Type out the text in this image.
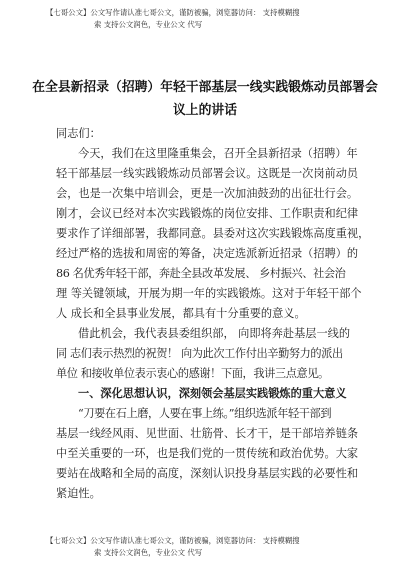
【七哥公文】公文写作请认准七哥公文，谨防被骗，浏览器访问： 支持模糊搜
索 支持公文润色，专业公文 代写
在全县新招录（招聘）年轻干部基层一线实践锻炼动员部署会
议上的讲话
同志们：
今天，我们在这里隆重集会，召开全县新招录（招聘）年
轻干部基层一线实践锻炼动员部署会议。这既是一次岗前动员
会，也是一次集中培训会，更是一次加油鼓劲的出征壮行会。
刚才，会议已经对本次实践锻炼的岗位安排、工作职责和纪律
要求作了详细部署，我都同意。县委对这次实践锻炼高度重视，
经过严格的选拔和周密的筹备，决定选派新近招录（招聘）的
86 名优秀年轻干部，奔赴全县改革发展、 乡村振兴、社会治
理 等关键领域，开展为期一年的实践锻炼。这对于年轻干部个
人 成长和全县事业发展，都具有十分重要的意义。
借此机会，我代表县委组织部， 向即将奔赴基层一线的
同 志们表示热烈的祝贺！ 向为此次工作付出辛勤努力的派出
单位 和接收单位表示衷心的感谢！下面，我讲三点意见。
一、深化思想认识，深刻领会基层实践锻炼的重大意义
“刀要在石上磨，人要在事上练。”组织选派年轻干部到
基层一线经风雨、见世面、壮筋骨、长才干，是干部培养链条
中至关重要的一环，也是我们党的一贯传统和政治优势。大家
要站在战略和全局的高度，深刻认识投身基层实践的必要性和
紧迫性。
【七哥公文】公文写作请认准七哥公文，谨防被骗，浏览器访问： 支持模糊搜
索 支持公文润色，专业公文 代写
